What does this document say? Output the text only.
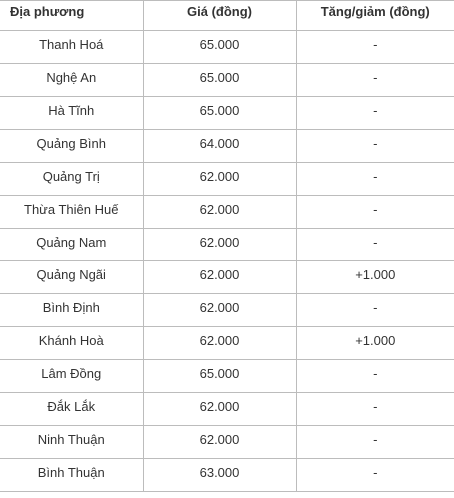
Địa phương	Giá (đồng)	Tăng/giảm (đồng)
Thanh Hoá	65.000	-
Nghệ An	65.000	-
Hà Tĩnh	65.000	-
Quảng Bình	64.000	-
Quảng Trị	62.000	-
Thừa Thiên Huế	62.000	-
Quảng Nam	62.000	-
Quảng Ngãi	62.000	+1.000
Bình Định	62.000	-
Khánh Hoà	62.000	+1.000
Lâm Đồng	65.000	-
Đắk Lắk	62.000	-
Ninh Thuận	62.000	-
Bình Thuận	63.000	-
